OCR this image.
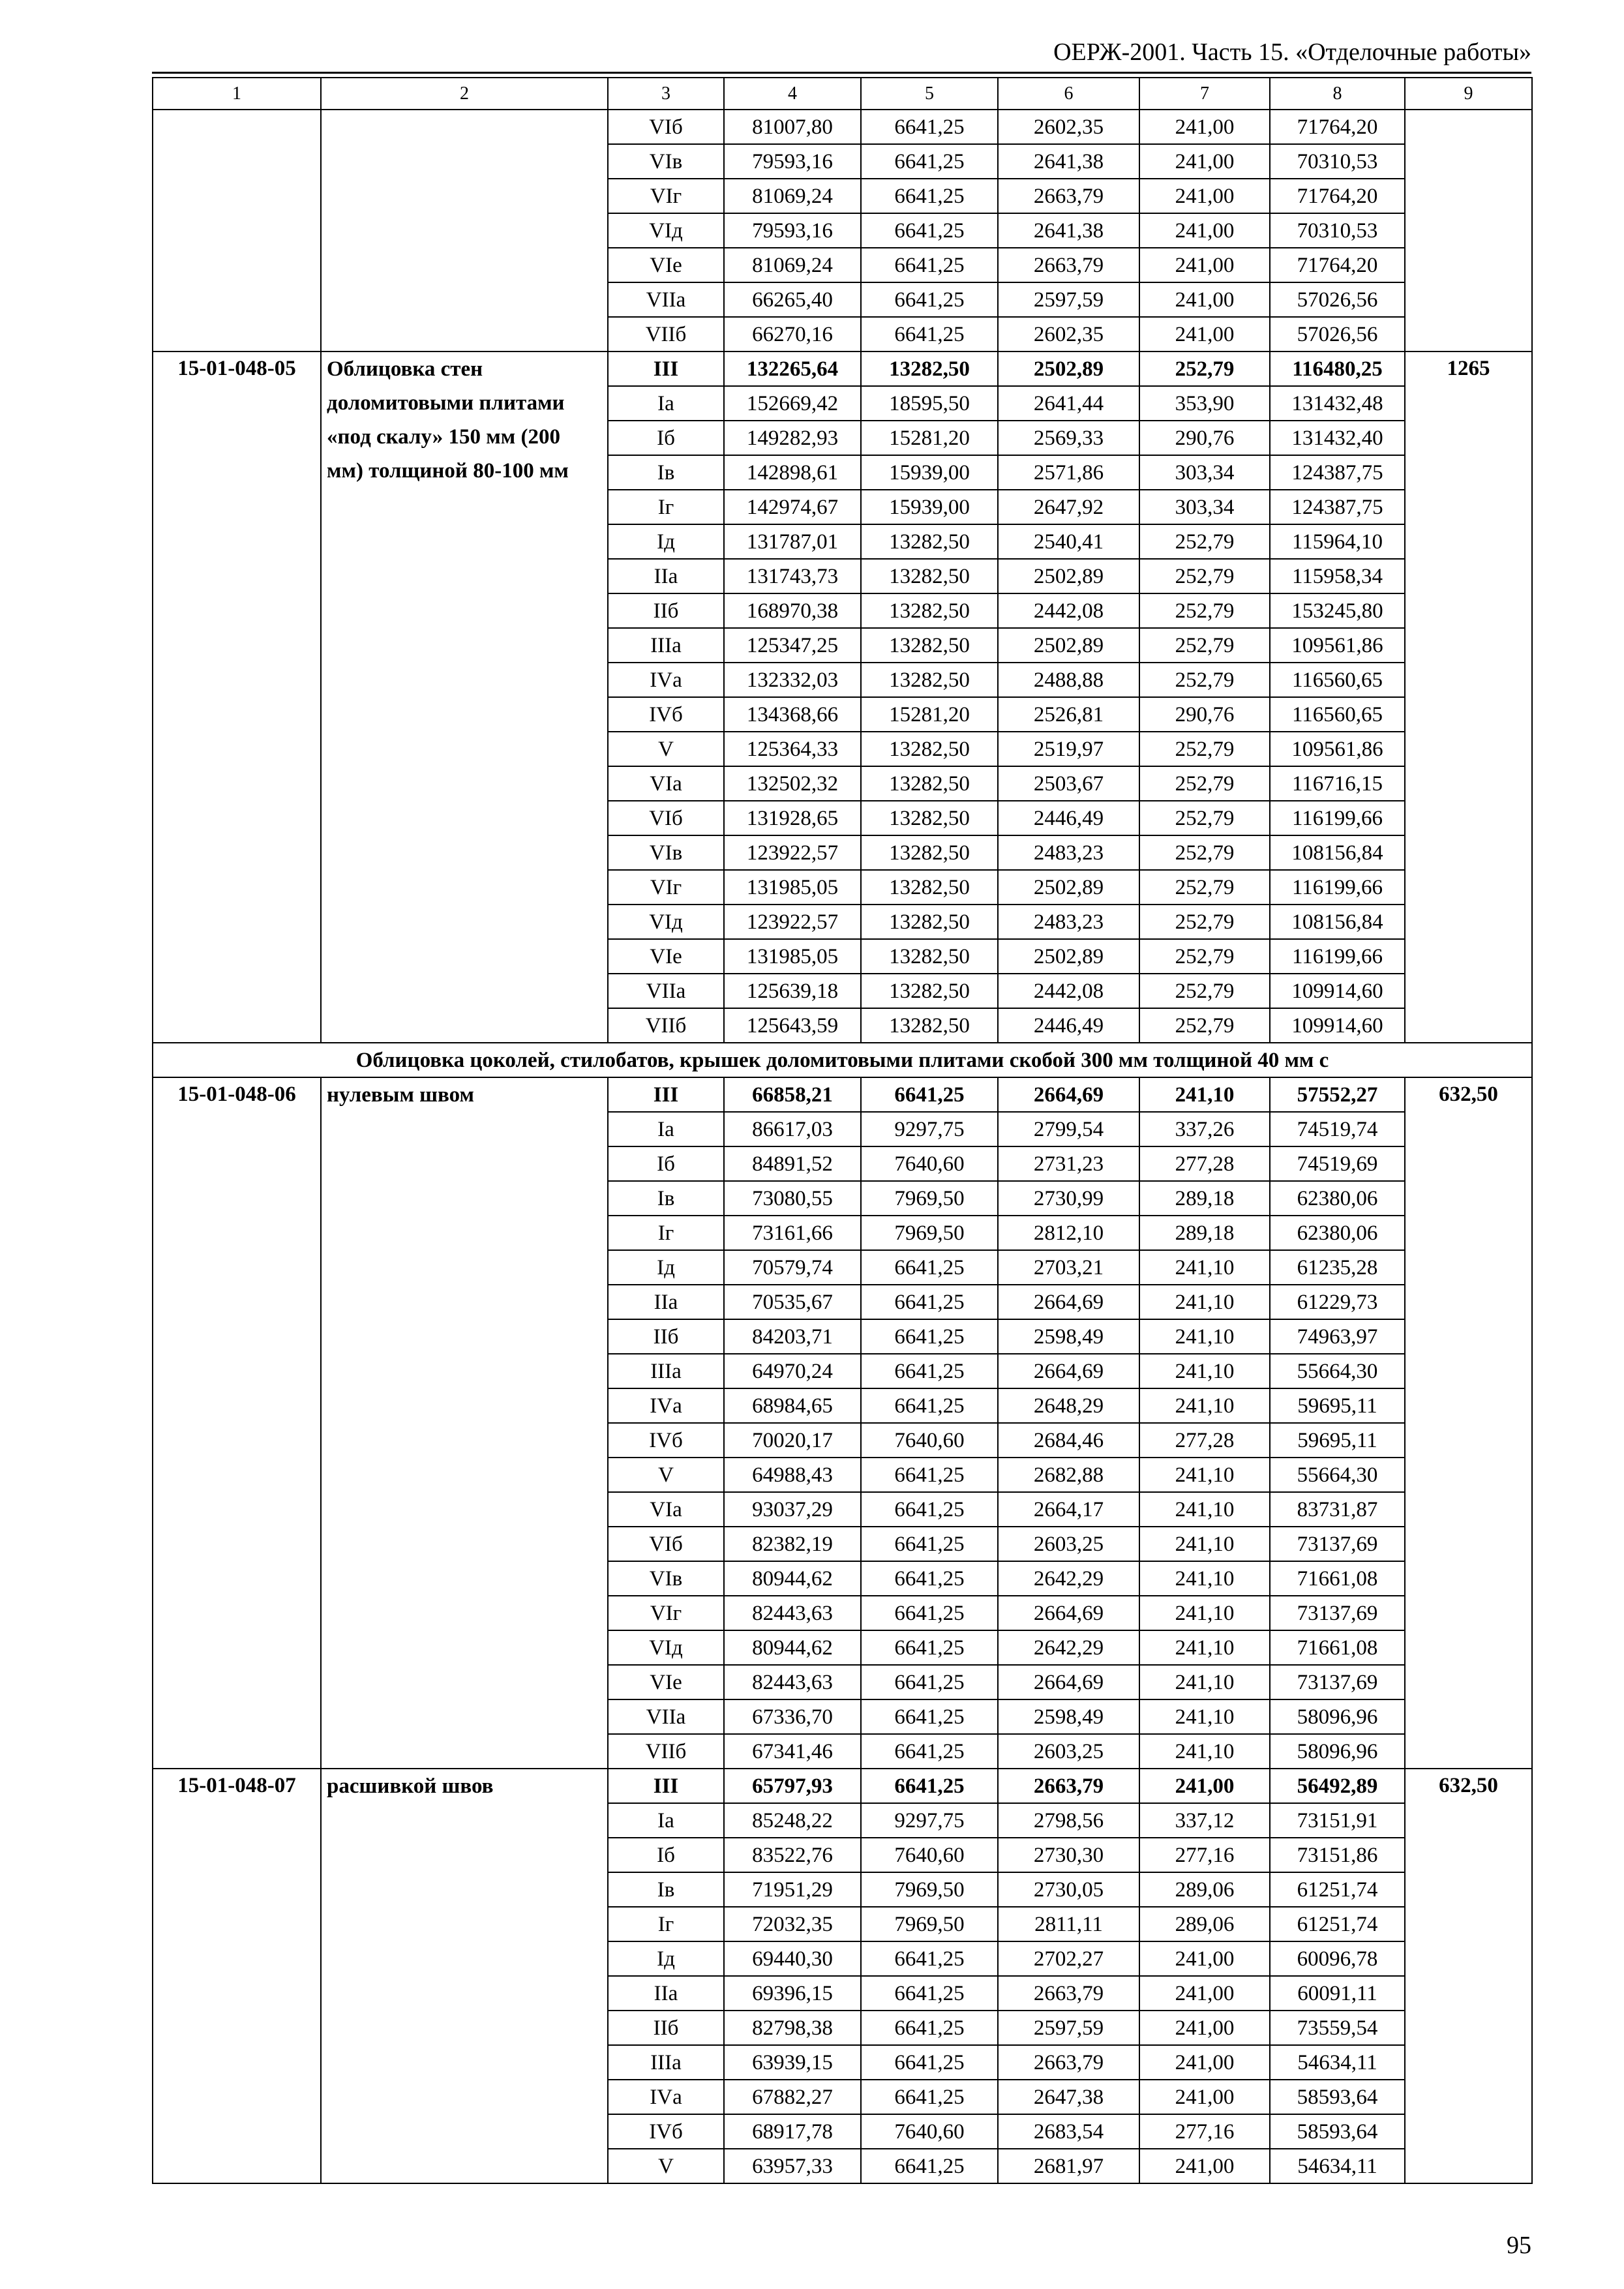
ОЕРЖ-2001. Часть 15. «Отделочные работы»
1	2	3	4	5	6	7	8	9
		VIб	81007,80	6641,25	2602,35	241,00	71764,20	
		VIв	79593,16	6641,25	2641,38	241,00	70310,53	
		VIг	81069,24	6641,25	2663,79	241,00	71764,20	
		VIд	79593,16	6641,25	2641,38	241,00	70310,53	
		VIе	81069,24	6641,25	2663,79	241,00	71764,20	
		VIIа	66265,40	6641,25	2597,59	241,00	57026,56	
		VIIб	66270,16	6641,25	2602,35	241,00	57026,56	
15-01-048-05	Облицовка стен доломитовыми плитами «под скалу» 150 мм (200 мм) толщиной 80-100 мм	III	132265,64	13282,50	2502,89	252,79	116480,25	1265
		Iа	152669,42	18595,50	2641,44	353,90	131432,48	
		Iб	149282,93	15281,20	2569,33	290,76	131432,40	
		Iв	142898,61	15939,00	2571,86	303,34	124387,75	
		Iг	142974,67	15939,00	2647,92	303,34	124387,75	
		Iд	131787,01	13282,50	2540,41	252,79	115964,10	
		IIа	131743,73	13282,50	2502,89	252,79	115958,34	
		IIб	168970,38	13282,50	2442,08	252,79	153245,80	
		IIIа	125347,25	13282,50	2502,89	252,79	109561,86	
		IVа	132332,03	13282,50	2488,88	252,79	116560,65	
		IVб	134368,66	15281,20	2526,81	290,76	116560,65	
		V	125364,33	13282,50	2519,97	252,79	109561,86	
		VIа	132502,32	13282,50	2503,67	252,79	116716,15	
		VIб	131928,65	13282,50	2446,49	252,79	116199,66	
		VIв	123922,57	13282,50	2483,23	252,79	108156,84	
		VIг	131985,05	13282,50	2502,89	252,79	116199,66	
		VIд	123922,57	13282,50	2483,23	252,79	108156,84	
		VIе	131985,05	13282,50	2502,89	252,79	116199,66	
		VIIа	125639,18	13282,50	2442,08	252,79	109914,60	
		VIIб	125643,59	13282,50	2446,49	252,79	109914,60	
Облицовка цоколей, стилобатов, крышек доломитовыми плитами скобой 300 мм толщиной 40 мм с								
15-01-048-06	нулевым швом	III	66858,21	6641,25	2664,69	241,10	57552,27	632,50
		Iа	86617,03	9297,75	2799,54	337,26	74519,74	
		Iб	84891,52	7640,60	2731,23	277,28	74519,69	
		Iв	73080,55	7969,50	2730,99	289,18	62380,06	
		Iг	73161,66	7969,50	2812,10	289,18	62380,06	
		Iд	70579,74	6641,25	2703,21	241,10	61235,28	
		IIа	70535,67	6641,25	2664,69	241,10	61229,73	
		IIб	84203,71	6641,25	2598,49	241,10	74963,97	
		IIIа	64970,24	6641,25	2664,69	241,10	55664,30	
		IVа	68984,65	6641,25	2648,29	241,10	59695,11	
		IVб	70020,17	7640,60	2684,46	277,28	59695,11	
		V	64988,43	6641,25	2682,88	241,10	55664,30	
		VIа	93037,29	6641,25	2664,17	241,10	83731,87	
		VIб	82382,19	6641,25	2603,25	241,10	73137,69	
		VIв	80944,62	6641,25	2642,29	241,10	71661,08	
		VIг	82443,63	6641,25	2664,69	241,10	73137,69	
		VIд	80944,62	6641,25	2642,29	241,10	71661,08	
		VIе	82443,63	6641,25	2664,69	241,10	73137,69	
		VIIа	67336,70	6641,25	2598,49	241,10	58096,96	
		VIIб	67341,46	6641,25	2603,25	241,10	58096,96	
15-01-048-07	расшивкой швов	III	65797,93	6641,25	2663,79	241,00	56492,89	632,50
		Iа	85248,22	9297,75	2798,56	337,12	73151,91	
		Iб	83522,76	7640,60	2730,30	277,16	73151,86	
		Iв	71951,29	7969,50	2730,05	289,06	61251,74	
		Iг	72032,35	7969,50	2811,11	289,06	61251,74	
		Iд	69440,30	6641,25	2702,27	241,00	60096,78	
		IIа	69396,15	6641,25	2663,79	241,00	60091,11	
		IIб	82798,38	6641,25	2597,59	241,00	73559,54	
		IIIа	63939,15	6641,25	2663,79	241,00	54634,11	
		IVа	67882,27	6641,25	2647,38	241,00	58593,64	
		IVб	68917,78	7640,60	2683,54	277,16	58593,64	
		V	63957,33	6641,25	2681,97	241,00	54634,11	
95
